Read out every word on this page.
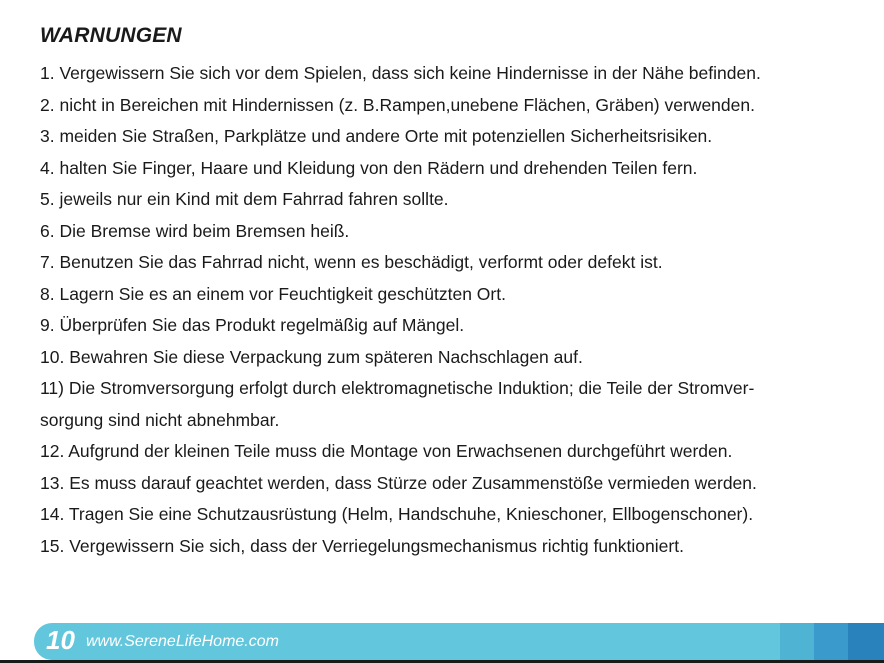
WARNUNGEN
1. Vergewissern Sie sich vor dem Spielen, dass sich keine Hindernisse in der Nähe befinden.
2. nicht in Bereichen mit Hindernissen (z. B.Rampen,unebene Flächen, Gräben) verwenden.
3. meiden Sie Straßen, Parkplätze und andere Orte mit potenziellen Sicherheitsrisiken.
4. halten Sie Finger, Haare und Kleidung von den Rädern und drehenden Teilen fern.
5. jeweils nur ein Kind mit dem Fahrrad fahren sollte.
6. Die Bremse wird beim Bremsen heiß.
7. Benutzen Sie das Fahrrad nicht, wenn es beschädigt, verformt oder defekt ist.
8. Lagern Sie es an einem vor Feuchtigkeit geschützten Ort.
9. Überprüfen Sie das Produkt regelmäßig auf Mängel.
10. Bewahren Sie diese Verpackung zum späteren Nachschlagen auf.
11) Die Stromversorgung erfolgt durch elektromagnetische Induktion; die Teile der Stromver-
sorgung sind nicht abnehmbar.
12. Aufgrund der kleinen Teile muss die Montage von Erwachsenen durchgeführt werden.
13. Es muss darauf geachtet werden, dass Stürze oder Zusammenstöße vermieden werden.
14. Tragen Sie eine Schutzausrüstung (Helm, Handschuhe, Knieschoner, Ellbogenschoner).
15. Vergewissern Sie sich, dass der Verriegelungsmechanismus richtig funktioniert.
10 www.SereneLifeHome.com
